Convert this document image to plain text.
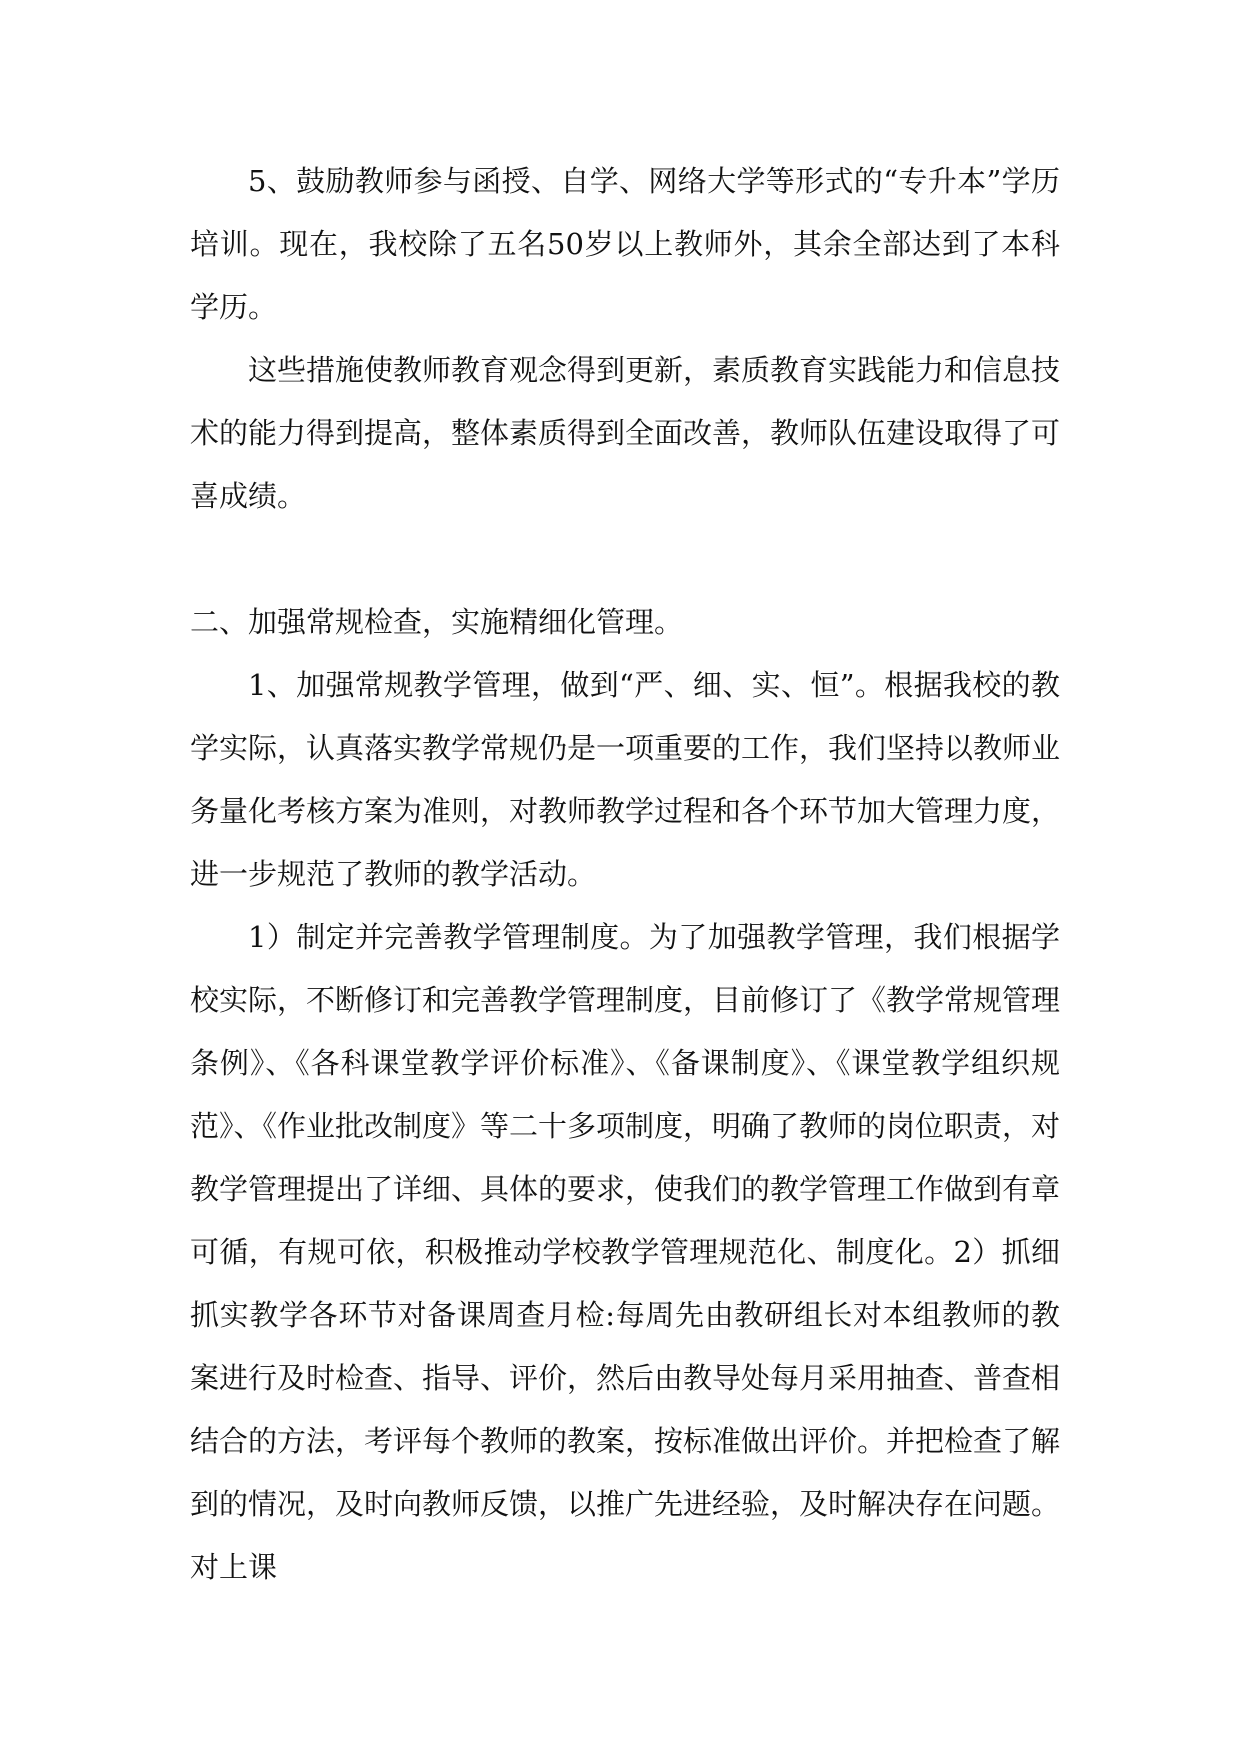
5、鼓励教师参与函授、自学、网络大学等形式的“专升本”学历培训。现在，我校除了五名50岁以上教师外，其余全部达到了本科学历。

这些措施使教师教育观念得到更新，素质教育实践能力和信息技术的能力得到提高，整体素质得到全面改善，教师队伍建设取得了可喜成绩。

二、加强常规检查，实施精细化管理。

1、加强常规教学管理，做到“严、细、实、恒”。根据我校的教学实际，认真落实教学常规仍是一项重要的工作，我们坚持以教师业务量化考核方案为准则，对教师教学过程和各个环节加大管理力度，进一步规范了教师的教学活动。

1）制定并完善教学管理制度。为了加强教学管理，我们根据学校实际，不断修订和完善教学管理制度，目前修订了《教学常规管理条例》、《各科课堂教学评价标准》、《备课制度》、《课堂教学组织规范》、《作业批改制度》等二十多项制度，明确了教师的岗位职责，对教学管理提出了详细、具体的要求，使我们的教学管理工作做到有章可循，有规可依，积极推动学校教学管理规范化、制度化。2）抓细抓实教学各环节对备课周查月检:每周先由教研组长对本组教师的教案进行及时检查、指导、评价，然后由教导处每月采用抽查、普查相结合的方法，考评每个教师的教案，按标准做出评价。并把检查了解到的情况，及时向教师反馈，以推广先进经验，及时解决存在问题。对上课
